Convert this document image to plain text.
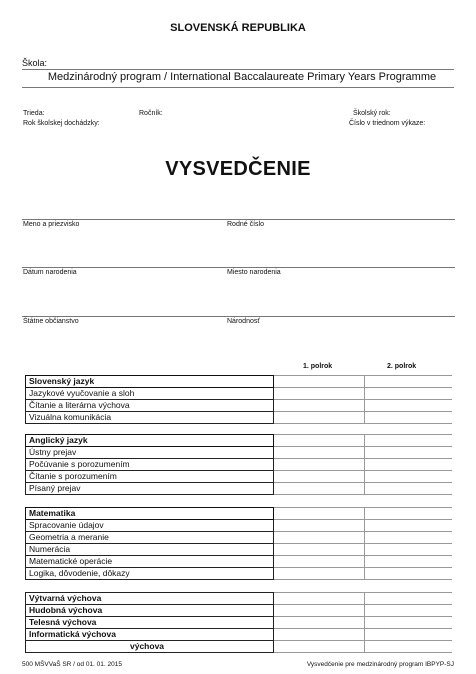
SLOVENSKÁ REPUBLIKA
Škola:
Medzinárodný program / International Baccalaureate Primary Years Programme
Trieda:	Ročník:	Školský rok:
Rok školskej dochádzky:	Číslo v triednom výkaze:
VYSVEDČENIE
Meno a priezvisko	Rodné číslo
Dátum narodenia	Miesto narodenia
Štátne občianstvo	Národnosť
1. polrok	2. polrok
Slovenský jazyk		
Jazykové vyučovanie a sloh		
Čítanie a literárna výchova		
Vizuálna komunikácia		
Anglický jazyk		
Ústny prejav		
Počúvanie s porozumením		
Čítanie s porozumením		
Písaný prejav		
Matematika		
Spracovanie údajov		
Geometria a meranie		
Numerácia		
Matematické operácie		
Logika, dôvodenie, dôkazy		
Výtvarná výchova		
Hudobná výchova		
Telesná výchova		
Informatická výchova		
výchova		
500 MŠVVaŠ SR / od 01. 01. 2015	Vysvedčenie pre medzinárodný program IBPYP-SJ
